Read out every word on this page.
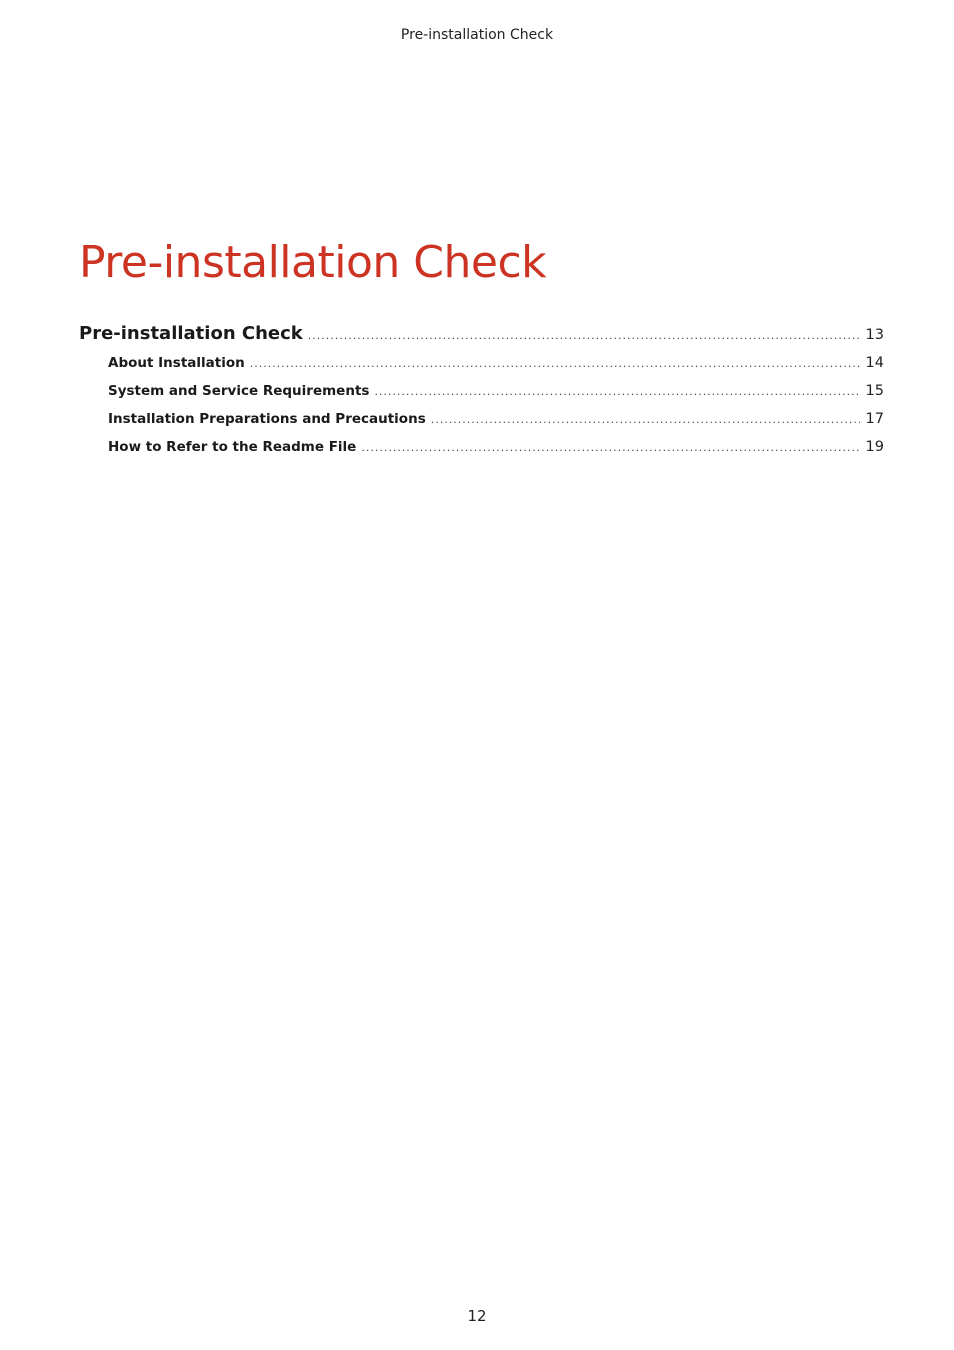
Pre-installation Check
Pre-installation Check
Pre-installation Check .....	13
About Installation .....	14
System and Service Requirements .....	15
Installation Preparations and Precautions .....	17
How to Refer to the Readme File .....	19
12
